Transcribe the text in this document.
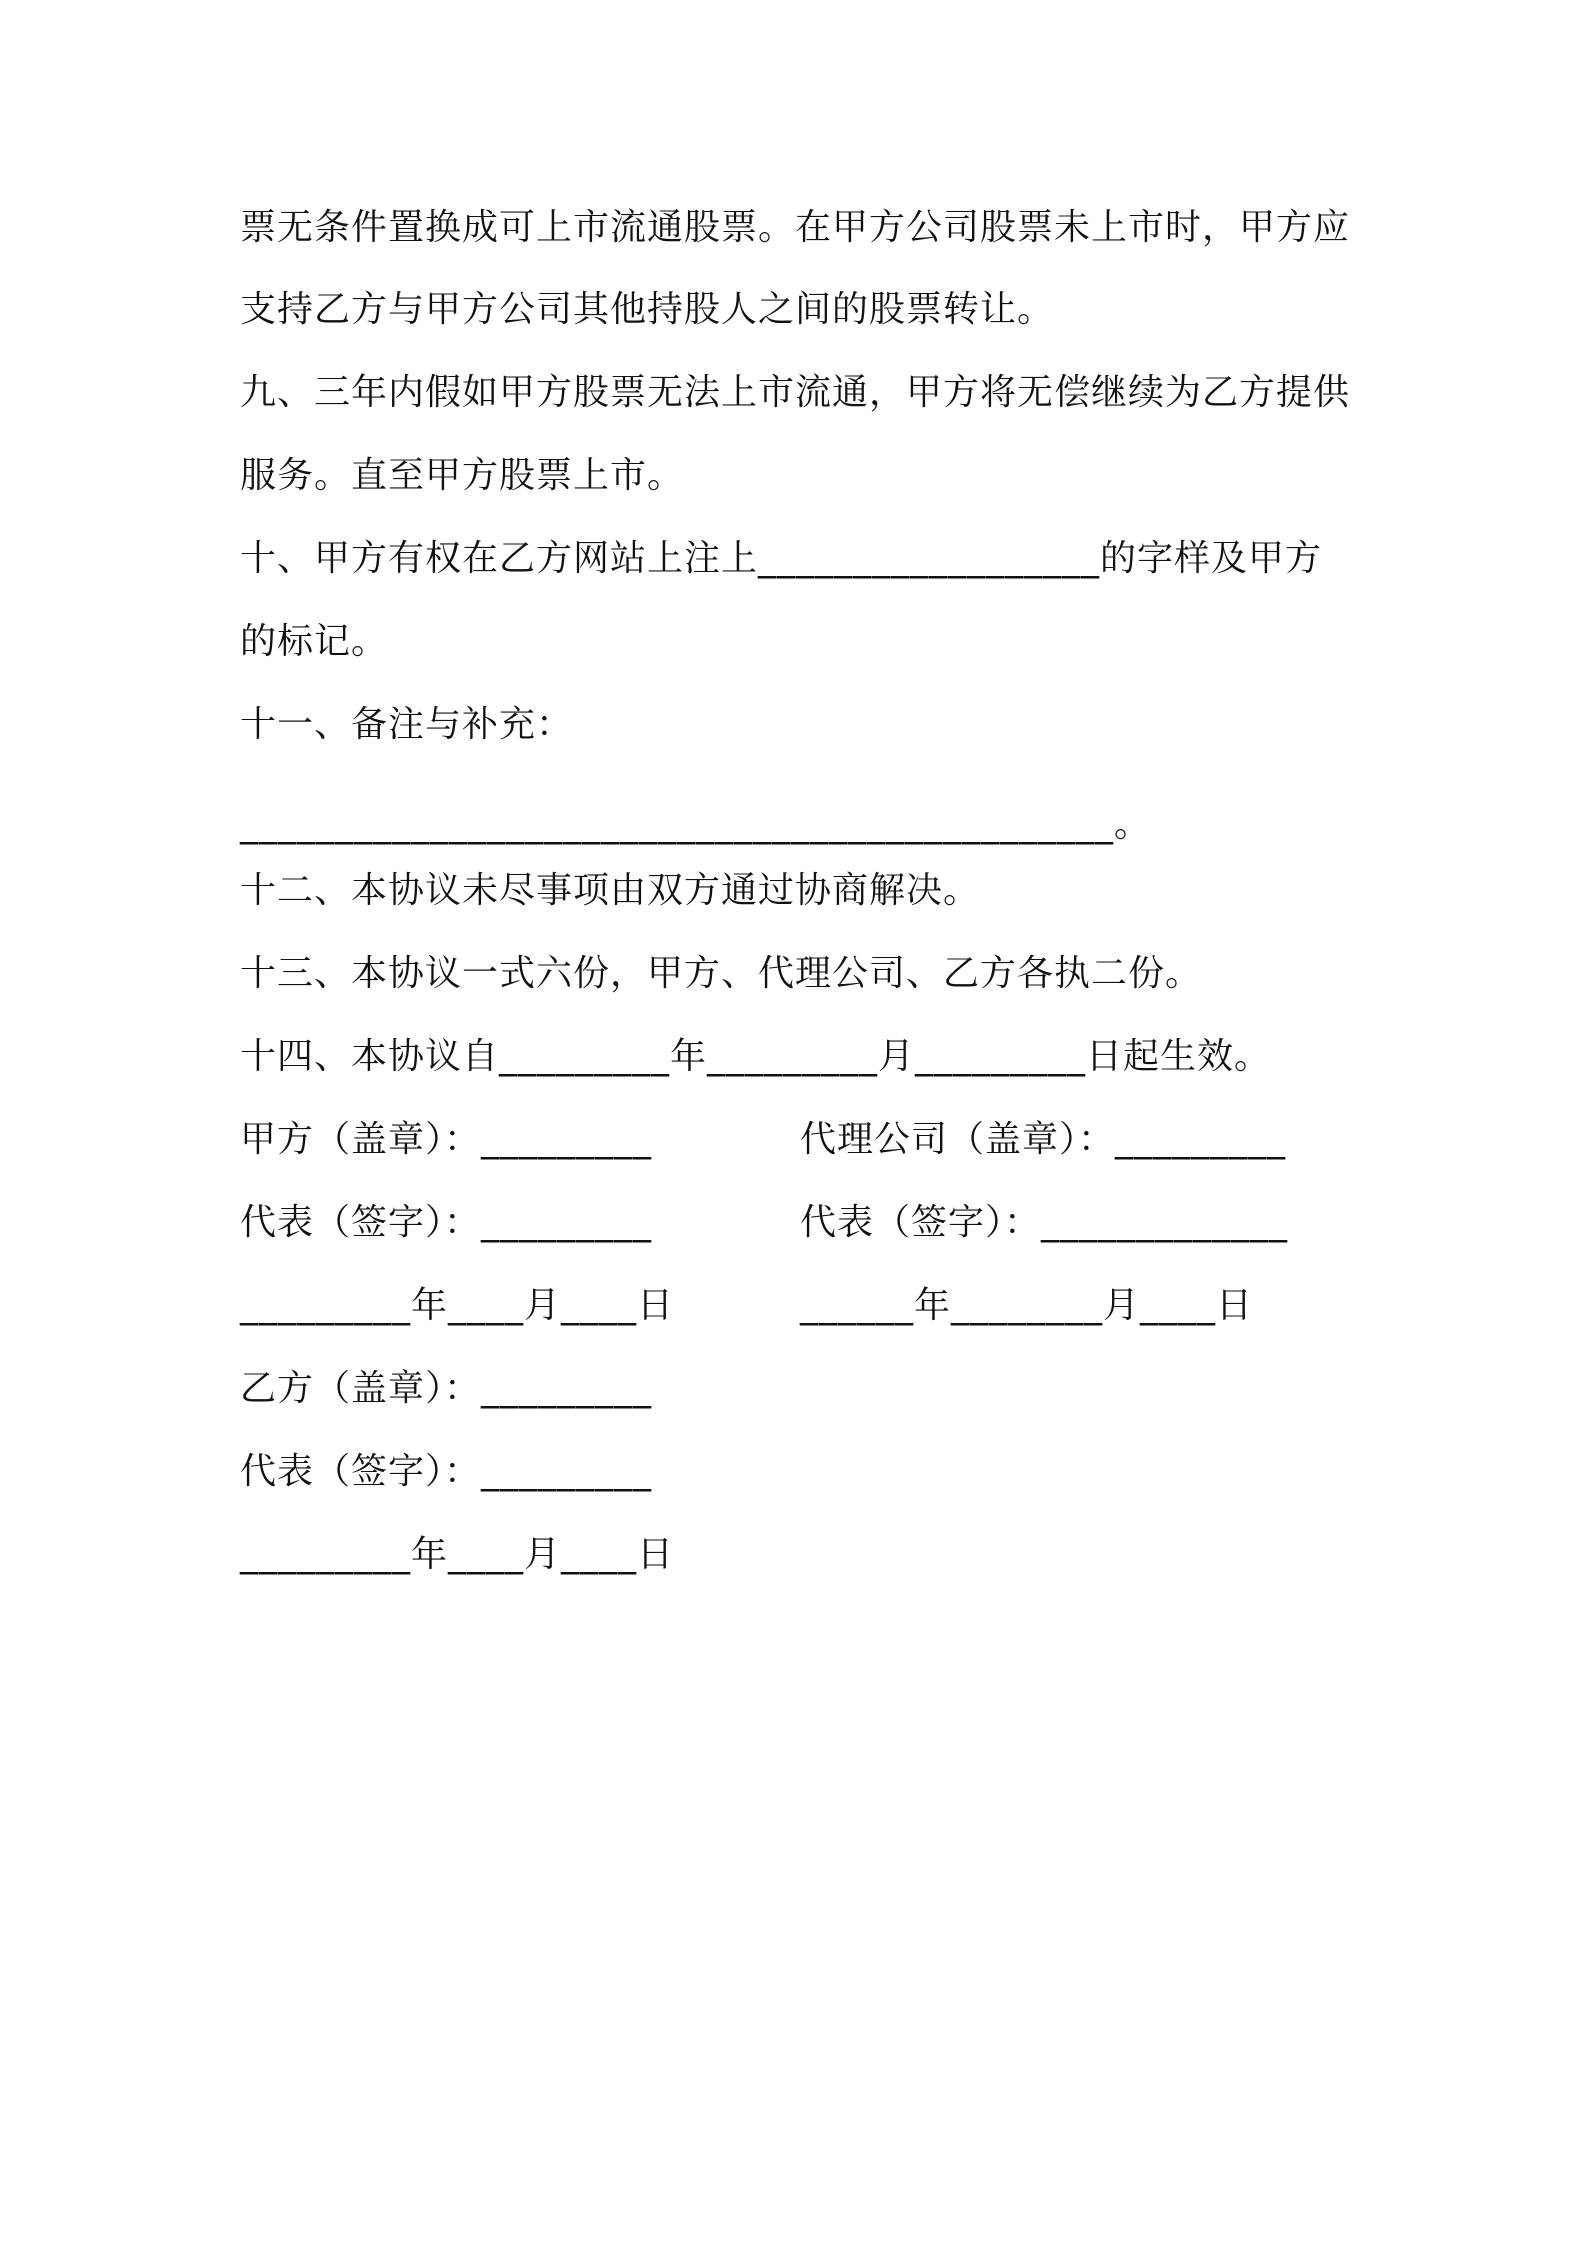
票无条件置换成可上市流通股票。在甲方公司股票未上市时，甲方应
支持乙方与甲方公司其他持股人之间的股票转让。
九、三年内假如甲方股票无法上市流通，甲方将无偿继续为乙方提供
服务。直至甲方股票上市。
十、甲方有权在乙方网站上注上__________________的字样及甲方
的标记。
十一、备注与补充：
______________________________________________。
十二、本协议未尽事项由双方通过协商解决。
十三、本协议一式六份，甲方、代理公司、乙方各执二份。
十四、本协议自_________年_________月_________日起生效。
甲方（盖章）：_________
代表（签字）：_________
_________年____月____日
乙方（盖章）：_________
代表（签字）：_________
_________年____月____日
代理公司（盖章）：_________
代表（签字）：_____________
______年________月____日
